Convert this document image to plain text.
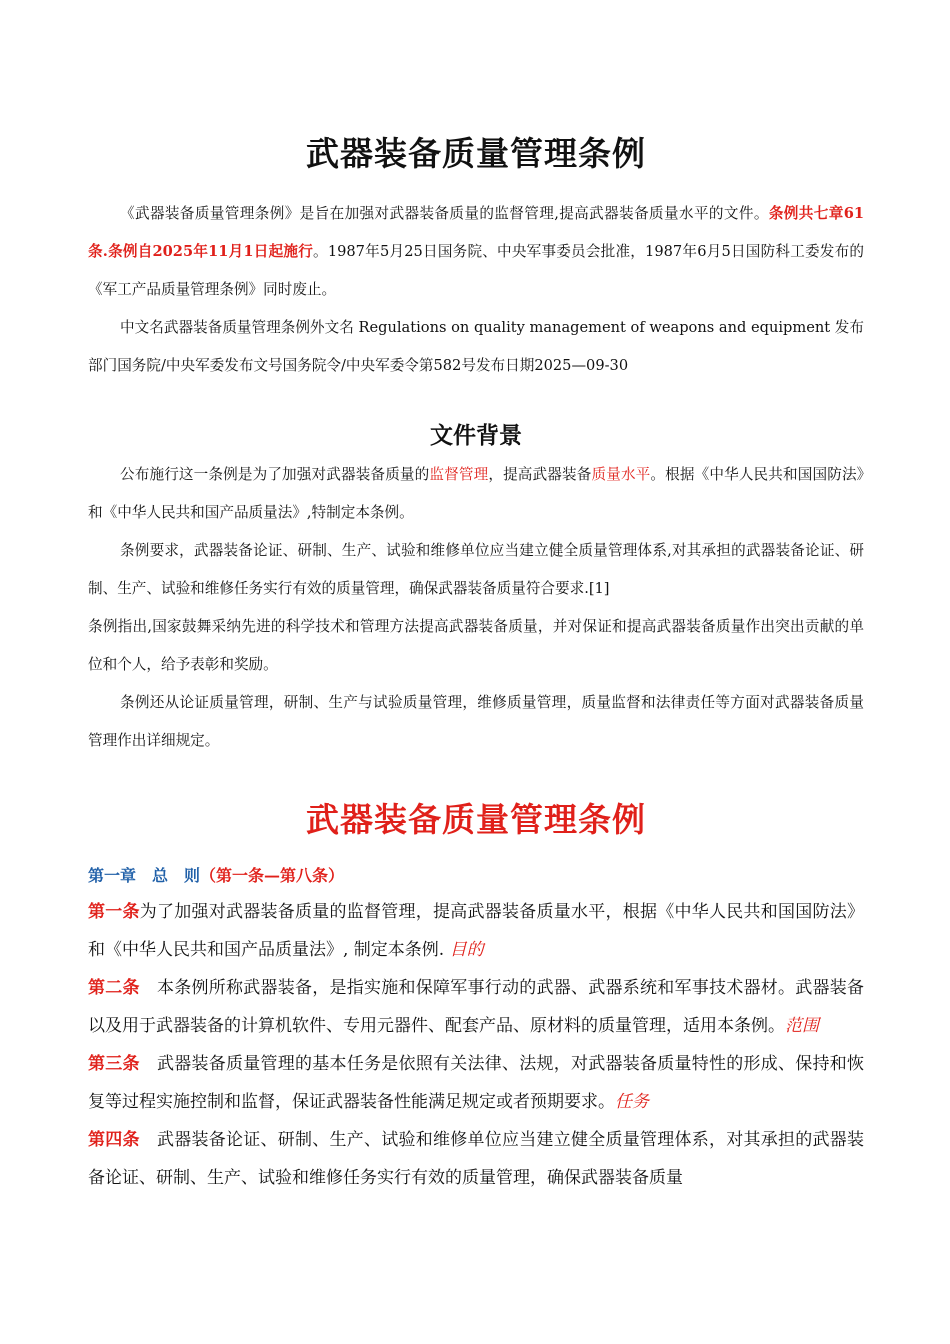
武器装备质量管理条例

《武器装备质量管理条例》是旨在加强对武器装备质量的监督管理,提高武器装备质量水平的文件。条例共七章61条.条例自2025年11月1日起施行。1987年5月25日国务院、中央军事委员会批准，1987年6月5日国防科工委发布的《军工产品质量管理条例》同时废止。

中文名武器装备质量管理条例外文名 Regulations on quality management of weapons and equipment 发布部门国务院/中央军委发布文号国务院令/中央军委令第582号发布日期2025—09-30

文件背景

公布施行这一条例是为了加强对武器装备质量的监督管理，提高武器装备质量水平。根据《中华人民共和国国防法》和《中华人民共和国产品质量法》,特制定本条例。

条例要求，武器装备论证、研制、生产、试验和维修单位应当建立健全质量管理体系,对其承担的武器装备论证、研制、生产、试验和维修任务实行有效的质量管理，确保武器装备质量符合要求.[1]

条例指出,国家鼓舞采纳先进的科学技术和管理方法提高武器装备质量，并对保证和提高武器装备质量作出突出贡献的单位和个人，给予表彰和奖励。

条例还从论证质量管理，研制、生产与试验质量管理，维修质量管理，质量监督和法律责任等方面对武器装备质量管理作出详细规定。

武器装备质量管理条例

第一章　总　则（第一条—第八条）

第一条为了加强对武器装备质量的监督管理，提高武器装备质量水平，根据《中华人民共和国国防法》和《中华人民共和国产品质量法》, 制定本条例. 目的

第二条　本条例所称武器装备，是指实施和保障军事行动的武器、武器系统和军事技术器材。武器装备以及用于武器装备的计算机软件、专用元器件、配套产品、原材料的质量管理，适用本条例。范围

第三条　武器装备质量管理的基本任务是依照有关法律、法规，对武器装备质量特性的形成、保持和恢复等过程实施控制和监督，保证武器装备性能满足规定或者预期要求。任务

第四条　武器装备论证、研制、生产、试验和维修单位应当建立健全质量管理体系，对其承担的武器装备论证、研制、生产、试验和维修任务实行有效的质量管理，确保武器装备质量
